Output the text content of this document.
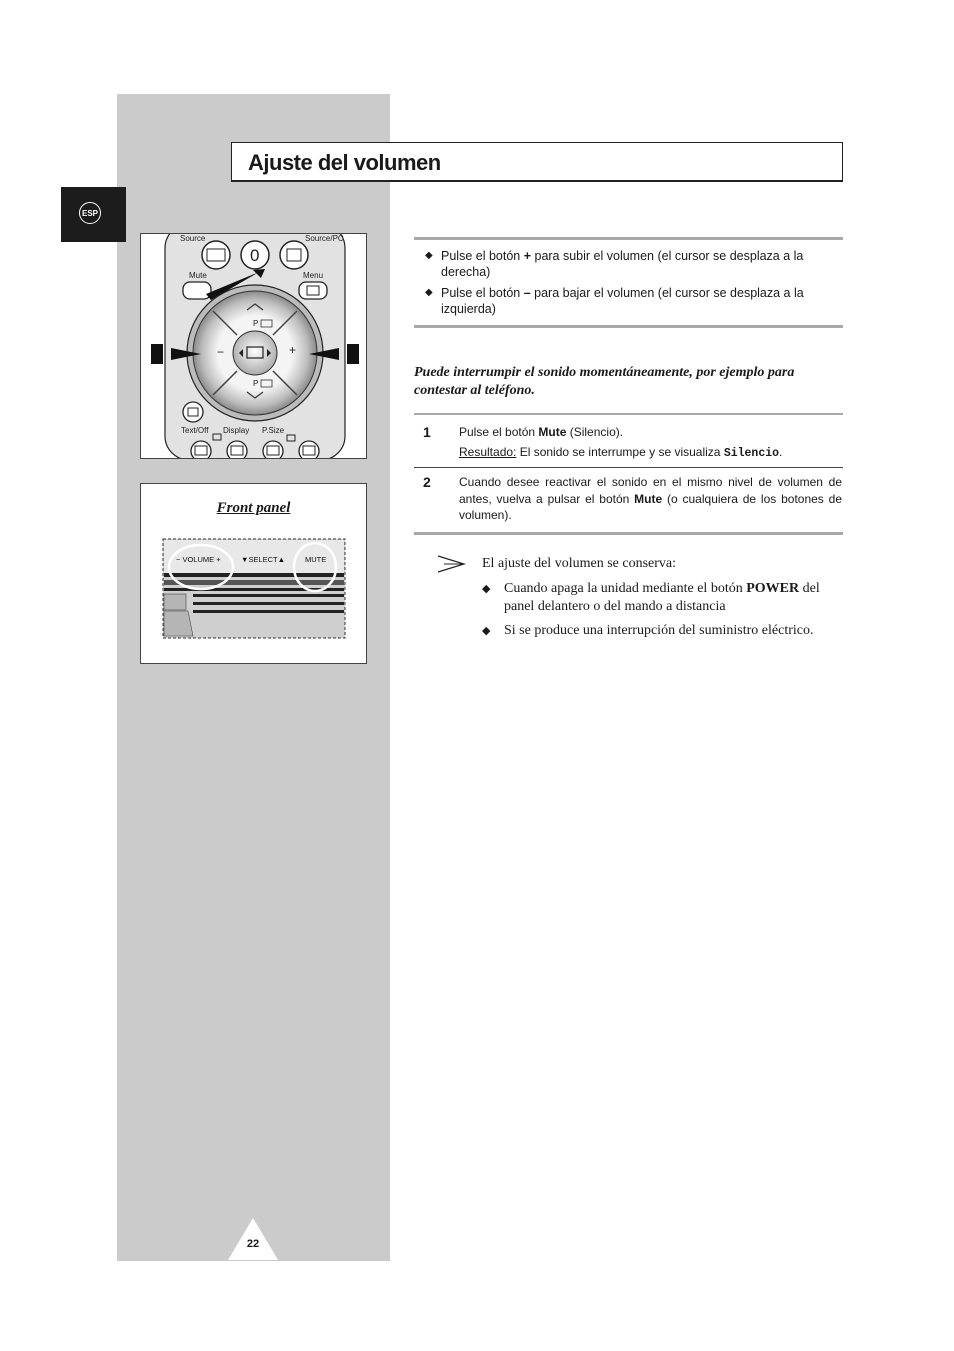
ESP
Ajuste del volumen
Source	Source/PC
0
Mute	Menu
P
P
−	+
Text/Off Display P.Size
Front panel
− VOLUME +	▼SELECT▲	MUTE
◆ Pulse el botón + para subir el volumen (el cursor se desplaza a la derecha)
◆ Pulse el botón – para bajar el volumen (el cursor se desplaza a la izquierda)
Puede interrumpir el sonido momentáneamente, por ejemplo para contestar al teléfono.
1 Pulse el botón Mute (Silencio).
Resultado: El sonido se interrumpe y se visualiza Silencio.
2 Cuando desee reactivar el sonido en el mismo nivel de volumen de antes, vuelva a pulsar el botón Mute (o cualquiera de los botones de volumen).
El ajuste del volumen se conserva:
◆ Cuando apaga la unidad mediante el botón POWER del panel delantero o del mando a distancia
◆ Si se produce una interrupción del suministro eléctrico.
22
